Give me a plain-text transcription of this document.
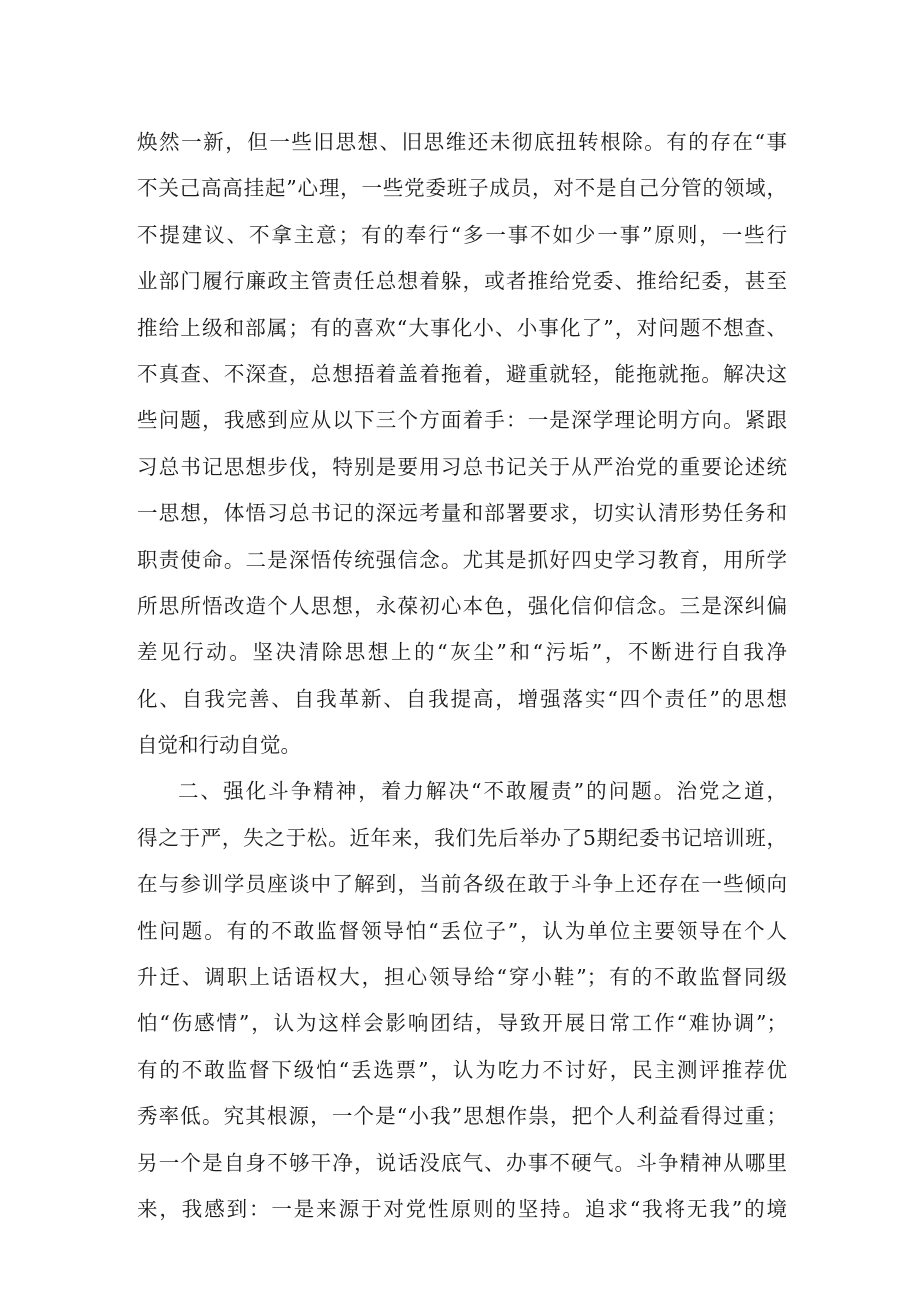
焕然一新，但一些旧思想、旧思维还未彻底扭转根除。有的存在“事
不关己高高挂起”心理，一些党委班子成员，对不是自己分管的领域，
不提建议、不拿主意；有的奉行“多一事不如少一事”原则，一些行
业部门履行廉政主管责任总想着躲，或者推给党委、推给纪委，甚至
推给上级和部属；有的喜欢“大事化小、小事化了”，对问题不想查、
不真查、不深查，总想捂着盖着拖着，避重就轻，能拖就拖。解决这
些问题，我感到应从以下三个方面着手：一是深学理论明方向。紧跟
习总书记思想步伐，特别是要用习总书记关于从严治党的重要论述统
一思想，体悟习总书记的深远考量和部署要求，切实认清形势任务和
职责使命。二是深悟传统强信念。尤其是抓好四史学习教育，用所学
所思所悟改造个人思想，永葆初心本色，强化信仰信念。三是深纠偏
差见行动。坚决清除思想上的“灰尘”和“污垢”，不断进行自我净
化、自我完善、自我革新、自我提高，增强落实“四个责任”的思想
自觉和行动自觉。
二、强化斗争精神，着力解决“不敢履责”的问题。治党之道，
得之于严，失之于松。近年来，我们先后举办了5期纪委书记培训班，
在与参训学员座谈中了解到，当前各级在敢于斗争上还存在一些倾向
性问题。有的不敢监督领导怕“丢位子”，认为单位主要领导在个人
升迁、调职上话语权大，担心领导给“穿小鞋”；有的不敢监督同级
怕“伤感情”，认为这样会影响团结，导致开展日常工作“难协调”；
有的不敢监督下级怕“丢选票”，认为吃力不讨好，民主测评推荐优
秀率低。究其根源，一个是“小我”思想作祟，把个人利益看得过重；
另一个是自身不够干净，说话没底气、办事不硬气。斗争精神从哪里
来，我感到：一是来源于对党性原则的坚持。追求“我将无我”的境
